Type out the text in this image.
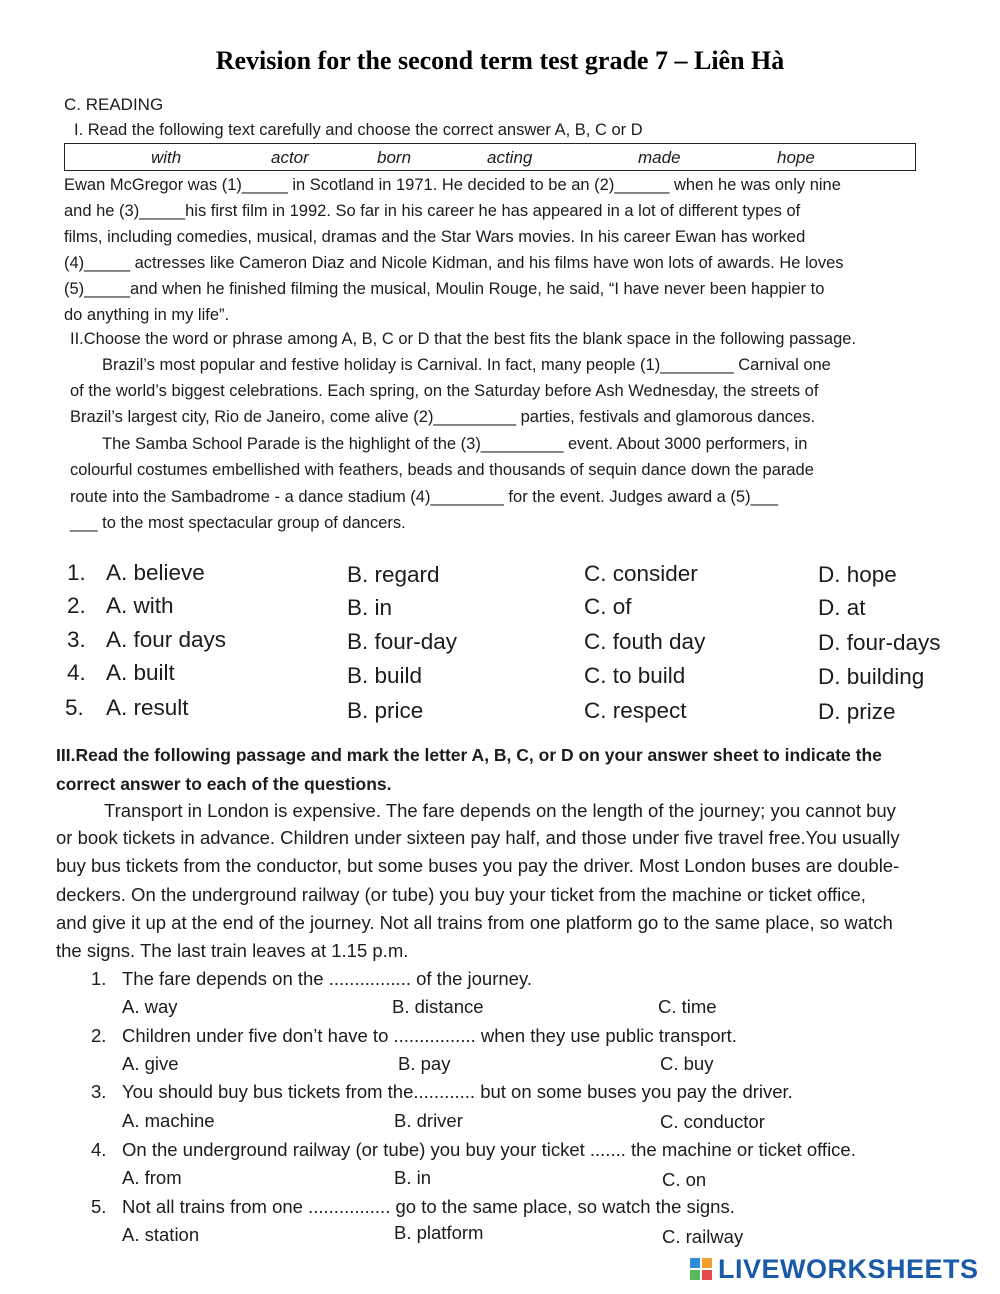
Revision for the second term test grade 7 – Liên Hà
C. READING
I. Read the following text carefully and choose the correct answer A, B, C or D
with	actor	born	acting	made	hope
Ewan McGregor was (1)_____ in Scotland in 1971. He decided to be an (2)______ when he was only nine
and he (3)_____his first film in 1992. So far in his career he has appeared in a lot of different types of
films, including comedies, musical, dramas and the Star Wars movies. In his career Ewan has worked
(4)_____ actresses like Cameron Diaz and Nicole Kidman, and his films have won lots of awards. He loves
(5)_____and when he finished filming the musical, Moulin Rouge, he said, “I have never been happier to
do anything in my life”.
II.Choose the word or phrase among A, B, C or D that the best fits the blank space in the following passage.
Brazil’s most popular and festive holiday is Carnival. In fact, many people (1)________ Carnival one
of the world’s biggest celebrations. Each spring, on the Saturday before Ash Wednesday, the streets of
Brazil’s largest city, Rio de Janeiro, come alive (2)_________ parties, festivals and glamorous dances.
The Samba School Parade is the highlight of the (3)_________ event. About 3000 performers, in
colourful costumes embellished with feathers, beads and thousands of sequin dance down the parade
route into the Sambadrome - a dance stadium (4)________ for the event. Judges award a (5)___
___ to the most spectacular group of dancers.
1. A. believe	B. regard	C. consider	D. hope
2. A. with	B. in	C. of	D. at
3. A. four days	B. four-day	C. fouth day	D. four-days
4. A. built	B. build	C. to build	D. building
5. A. result	B. price	C. respect	D. prize
III.Read the following passage and mark the letter A, B, C, or D on your answer sheet to indicate the
correct answer to each of the questions.
Transport in London is expensive. The fare depends on the length of the journey; you cannot buy
or book tickets in advance. Children under sixteen pay half, and those under five travel free.You usually
buy bus tickets from the conductor, but some buses you pay the driver. Most London buses are double-
deckers. On the underground railway (or tube) you buy your ticket from the machine or ticket office,
and give it up at the end of the journey. Not all trains from one platform go to the same place, so watch
the signs. The last train leaves at 1.15 p.m.
1. The fare depends on the ................ of the journey.
A. way	B. distance	C. time
2. Children under five don’t have to ................ when they use public transport.
A. give	B. pay	C. buy
3. You should buy bus tickets from the............ but on some buses you pay the driver.
A. machine	B. driver	C. conductor
4. On the underground railway (or tube) you buy your ticket ....... the machine or ticket office.
A. from	B. in	C. on
5. Not all trains from one ................ go to the same place, so watch the signs.
A. station	B. platform	C. railway
LIVEWORKSHEETS
